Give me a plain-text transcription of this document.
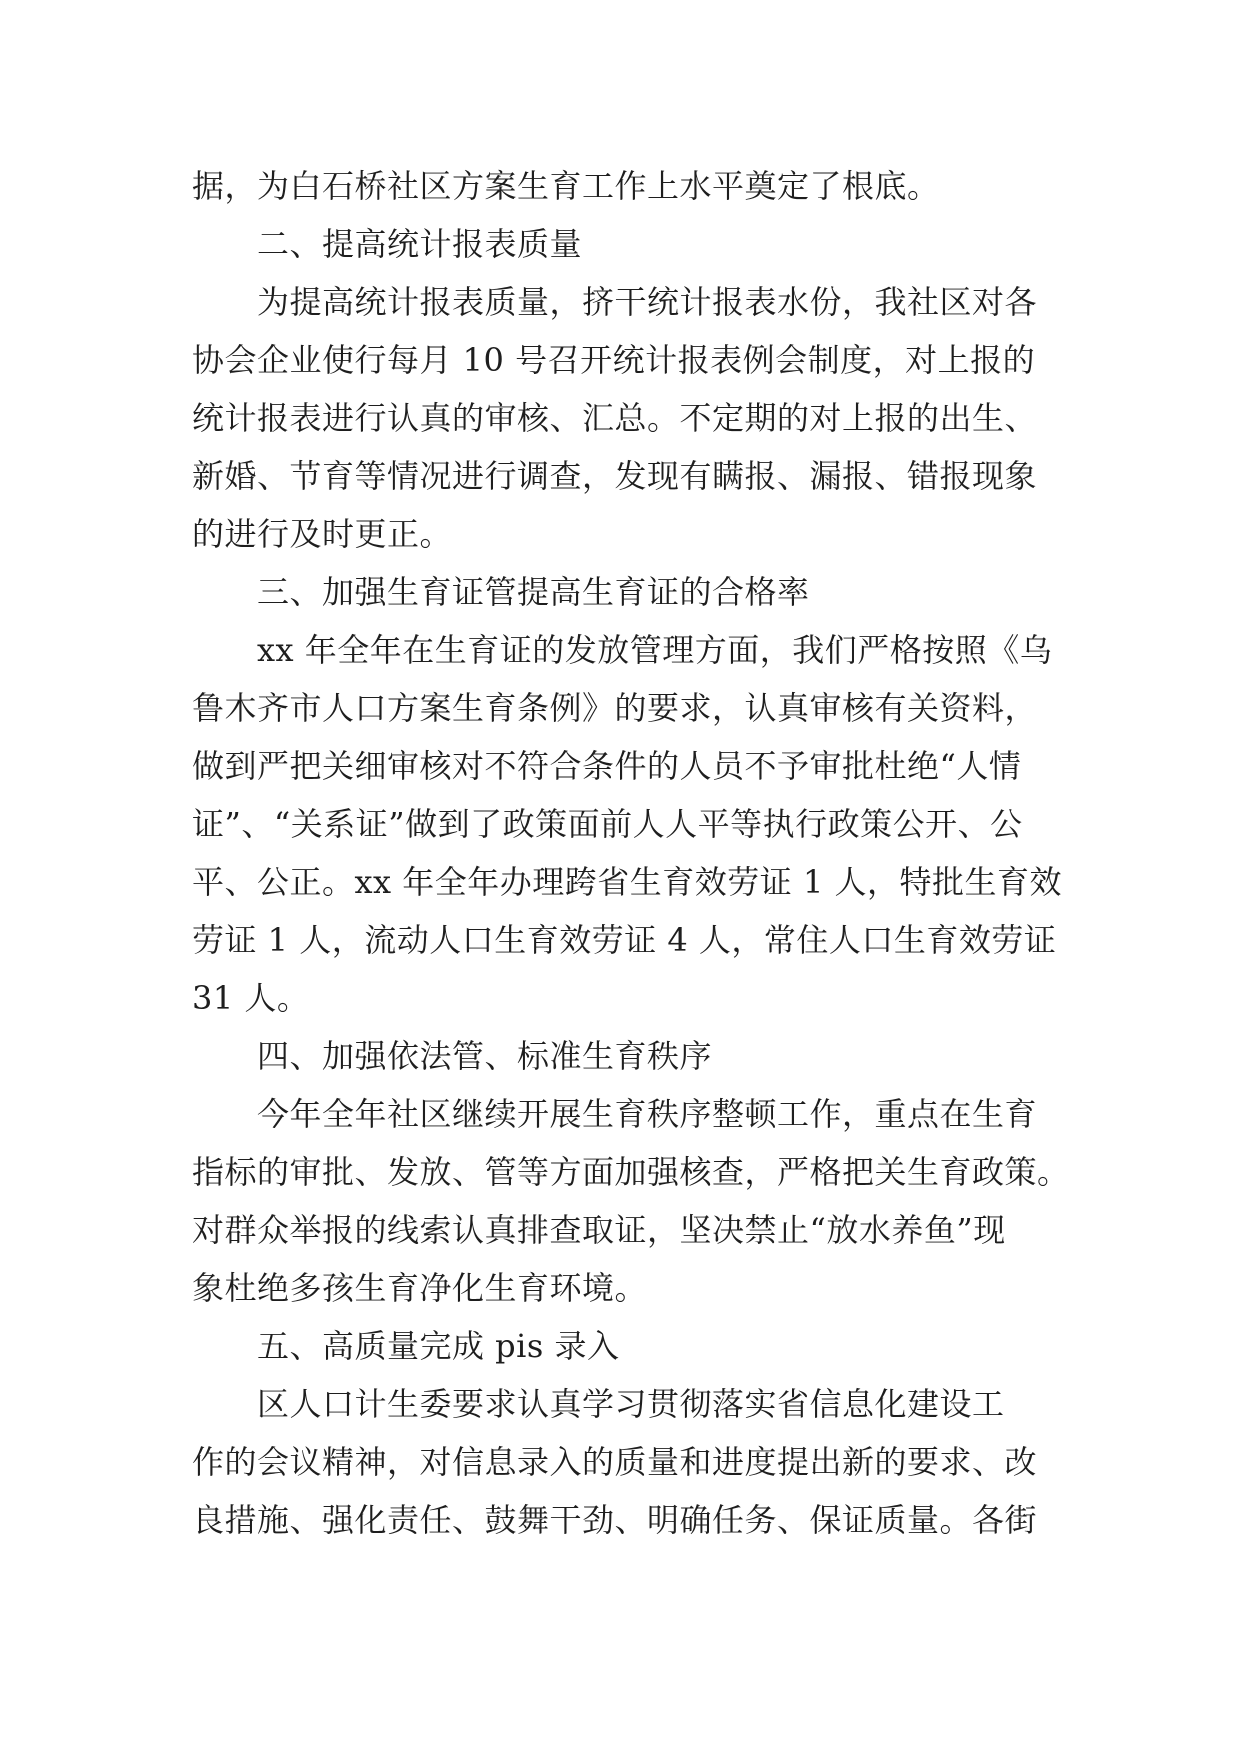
据，为白石桥社区方案生育工作上水平奠定了根底。
　　二、提高统计报表质量
　　为提高统计报表质量，挤干统计报表水份，我社区对各
协会企业使行每月 10 号召开统计报表例会制度，对上报的
统计报表进行认真的审核、汇总。不定期的对上报的出生、
新婚、节育等情况进行调查，发现有瞒报、漏报、错报现象
的进行及时更正。
　　三、加强生育证管提高生育证的合格率
　　xx 年全年在生育证的发放管理方面，我们严格按照《乌
鲁木齐市人口方案生育条例》的要求，认真审核有关资料，
做到严把关细审核对不符合条件的人员不予审批杜绝“人情
证”、“关系证”做到了政策面前人人平等执行政策公开、公
平、公正。xx 年全年办理跨省生育效劳证 1 人，特批生育效
劳证 1 人，流动人口生育效劳证 4 人，常住人口生育效劳证
31 人。
　　四、加强依法管、标准生育秩序
　　今年全年社区继续开展生育秩序整顿工作，重点在生育
指标的审批、发放、管等方面加强核查，严格把关生育政策。
对群众举报的线索认真排查取证，坚决禁止“放水养鱼”现
象杜绝多孩生育净化生育环境。
　　五、高质量完成 pis 录入
　　区人口计生委要求认真学习贯彻落实省信息化建设工
作的会议精神，对信息录入的质量和进度提出新的要求、改
良措施、强化责任、鼓舞干劲、明确任务、保证质量。各街
